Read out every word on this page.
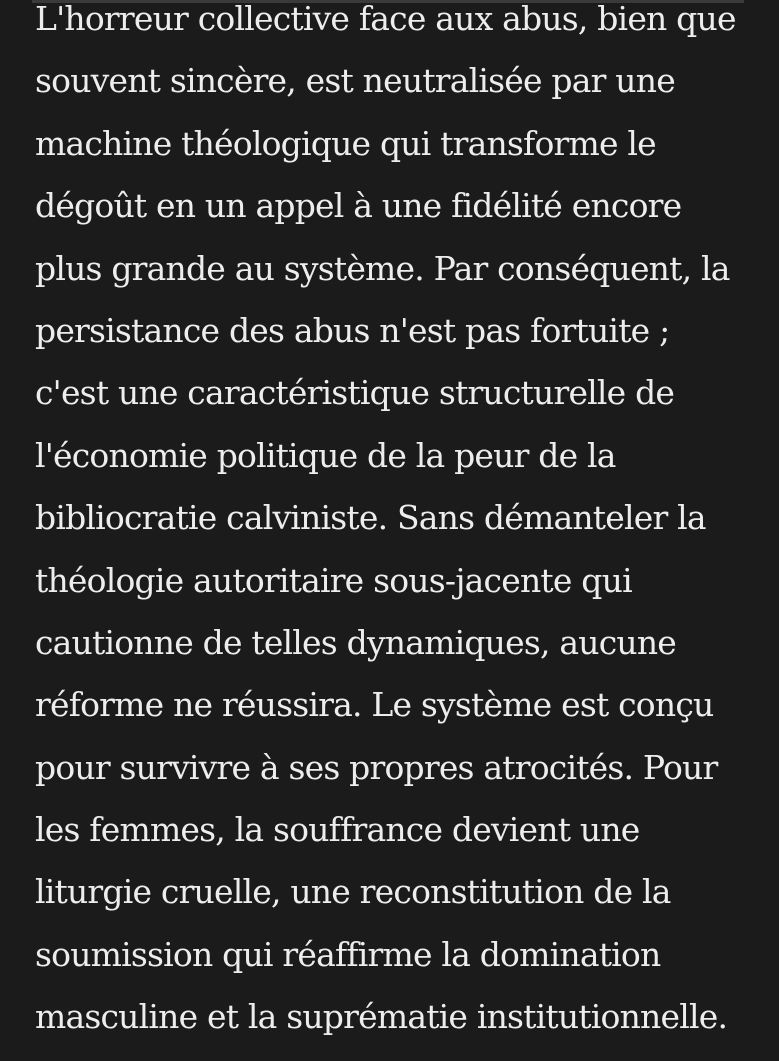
L'horreur collective face aux abus, bien que
souvent sincère, est neutralisée par une
machine théologique qui transforme le
dégoût en un appel à une fidélité encore
plus grande au système. Par conséquent, la
persistance des abus n'est pas fortuite ;
c'est une caractéristique structurelle de
l'économie politique de la peur de la
bibliocratie calviniste. Sans démanteler la
théologie autoritaire sous-jacente qui
cautionne de telles dynamiques, aucune
réforme ne réussira. Le système est conçu
pour survivre à ses propres atrocités. Pour
les femmes, la souffrance devient une
liturgie cruelle, une reconstitution de la
soumission qui réaffirme la domination
masculine et la suprématie institutionnelle.
